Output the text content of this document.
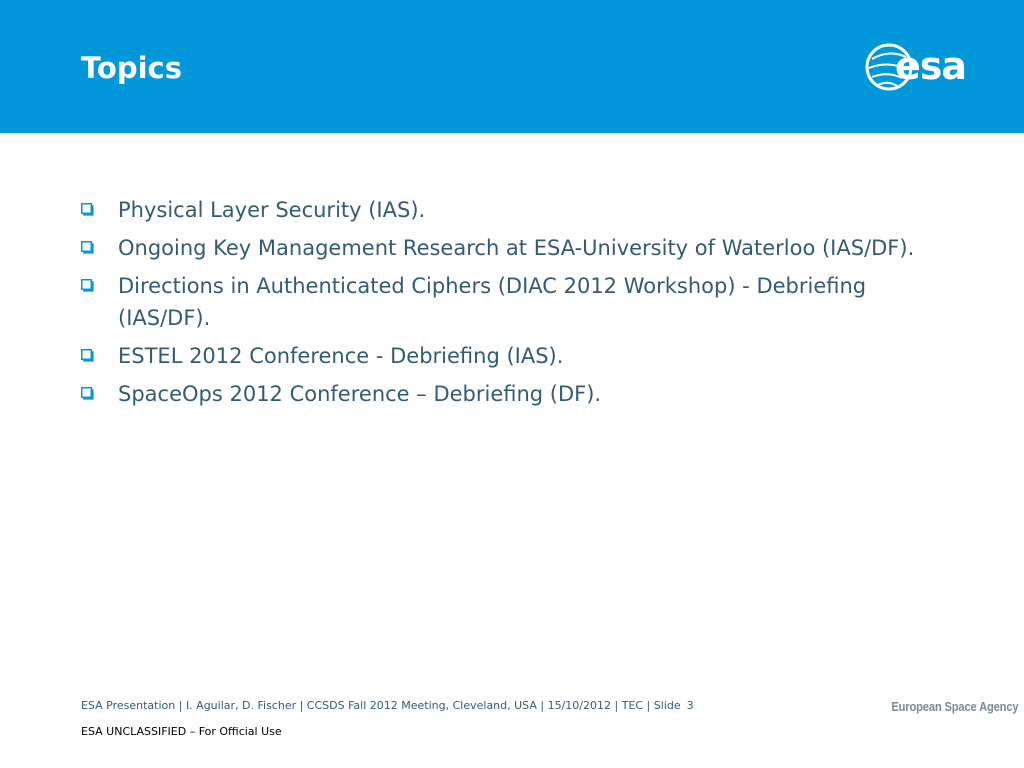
Topics	esa
Physical Layer Security (IAS).
Ongoing Key Management Research at ESA-University of Waterloo (IAS/DF).
Directions in Authenticated Ciphers (DIAC 2012 Workshop) - Debriefing (IAS/DF).
ESTEL 2012 Conference - Debriefing (IAS).
SpaceOps 2012 Conference – Debriefing (DF).
ESA Presentation | I. Aguilar, D. Fischer | CCSDS Fall 2012 Meeting, Cleveland, USA | 15/10/2012 | TEC | Slide 3	European Space Agency
ESA UNCLASSIFIED – For Official Use
